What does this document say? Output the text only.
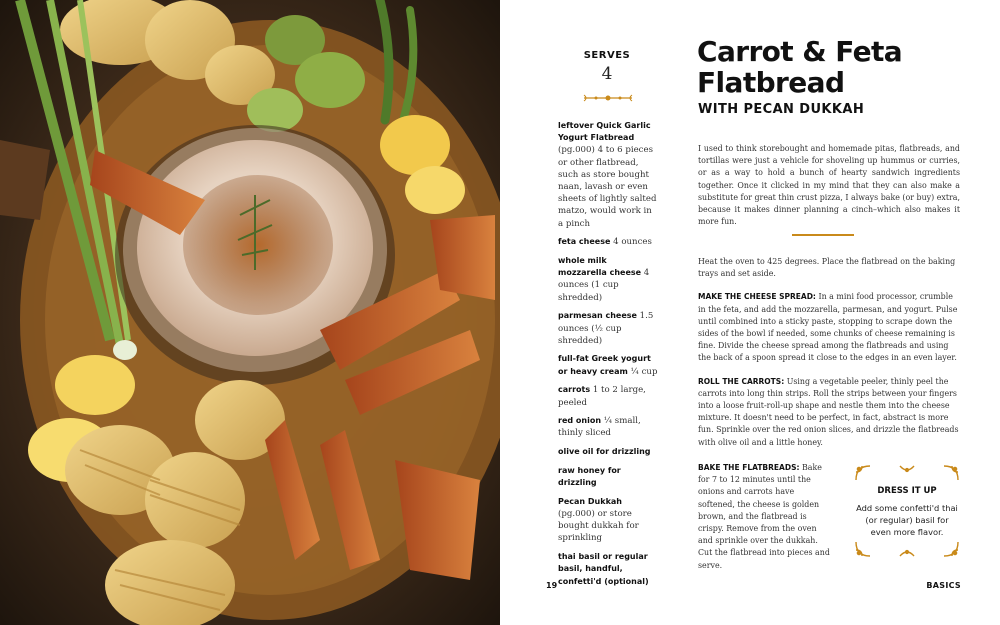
SERVES
4
leftover Quick Garlic Yogurt Flatbread (pg.000) 4 to 6 pieces or other flatbread, such as store bought naan, lavash or even sheets of lightly salted matzo, would work in a pinch
feta cheese 4 ounces
whole milk mozzarella cheese 4 ounces (1 cup shredded)
parmesan cheese 1.5 ounces (½ cup shredded)
full-fat Greek yogurt or heavy cream ¼ cup
carrots 1 to 2 large, peeled
red onion ¼ small, thinly sliced
olive oil for drizzling
raw honey for drizzling
Pecan Dukkah (pg.000) or store bought dukkah for sprinkling
thai basil or regular basil, handful, confetti'd (optional)
Carrot & Feta Flatbread
WITH PECAN DUKKAH
I used to think storebought and homemade pitas, flatbreads, and tortillas were just a vehicle for shoveling up hummus or curries, or as a way to hold a bunch of hearty sandwich ingredients together. Once it clicked in my mind that they can also make a substitute for great thin crust pizza, I always bake (or buy) extra, because it makes dinner planning a cinch–which also makes it more fun.

Heat the oven to 425 degrees. Place the flatbread on the baking trays and set aside.

MAKE THE CHEESE SPREAD: In a mini food processor, crumble in the feta, and add the mozzarella, parmesan, and yogurt. Pulse until combined into a sticky paste, stopping to scrape down the sides of the bowl if needed, some chunks of cheese remaining is fine. Divide the cheese spread among the flatbreads and using the back of a spoon spread it close to the edges in an even layer.

ROLL THE CARROTS: Using a vegetable peeler, thinly peel the carrots into long thin strips. Roll the strips between your fingers into a loose fruit-roll-up shape and nestle them into the cheese mixture. It doesn't need to be perfect, in fact, abstract is more fun. Sprinkle over the red onion slices, and drizzle the flatbreads with olive oil and a little honey.

BAKE THE FLATBREADS: Bake for 7 to 12 minutes until the onions and carrots have softened, the cheese is golden brown, and the flatbread is crispy. Remove from the oven and sprinkle over the dukkah. Cut the flatbread into pieces and serve.
DRESS IT UP
Add some confetti'd thai (or regular) basil for even more flavor.
19	BASICS
